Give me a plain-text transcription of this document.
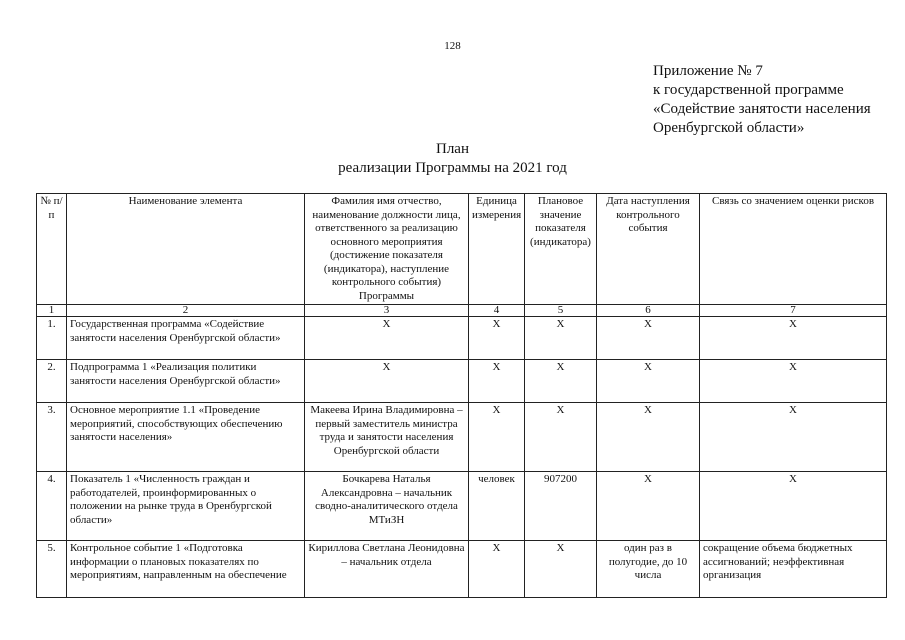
128
Приложение № 7
к государственной программе
«Содействие занятости населения
Оренбургской области»
План
реализации Программы на 2021 год
№ п/п	Наименование элемента	Фамилия имя отчество, наименование должности лица, ответственного за реализацию основного мероприятия (достижение показателя (индикатора), наступление контрольного события) Программы	Единица измерения	Плановое значение показателя (индикатора)	Дата наступления контрольного события	Связь со значением оценки рисков
1	2	3	4	5	6	7
1.	Государственная программа «Содействие занятости населения Оренбургской области»	Х	Х	Х	Х	Х
2.	Подпрограмма 1 «Реализация политики занятости населения Оренбургской области»	Х	Х	Х	Х	Х
3.	Основное мероприятие 1.1 «Проведение мероприятий, способствующих обеспечению занятости населения»	Макеева Ирина Владимировна – первый заместитель министра труда и занятости населения Оренбургской области	Х	Х	Х	Х
4.	Показатель 1 «Численность граждан и работодателей, проинформированных о положении на рынке труда в Оренбургской области»	Бочкарева Наталья Александровна – начальник сводно-аналитического отдела МТиЗН	человек	907200	Х	Х
5.	Контрольное событие 1 «Подготовка информации о плановых показателях по мероприятиям, направленным на обеспечение	Кириллова Светлана Леонидовна – начальник отдела	Х	Х	один раз в полугодие, до 10 числа	сокращение объема бюджетных ассигнований; неэффективная организация
